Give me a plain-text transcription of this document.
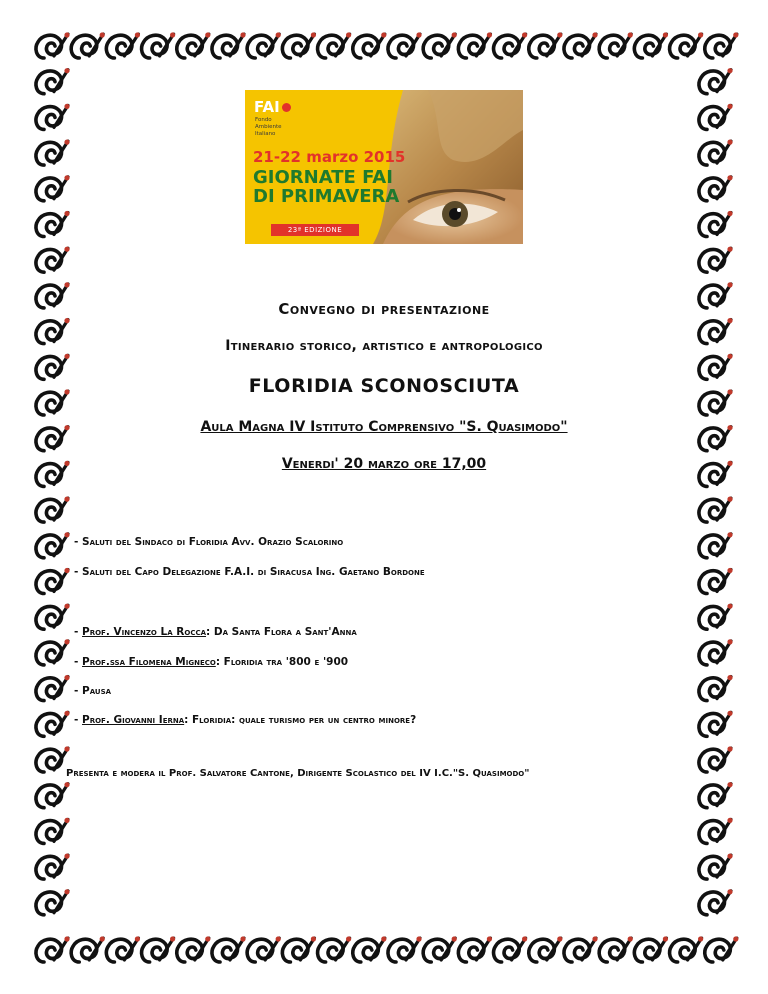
FAI
Fondo
Ambiente
Italiano
21-22 marzo 2015
GIORNATE FAI
DI PRIMAVERA
23ª EDIZIONE
Convegno di presentazione
Itinerario storico, artistico e antropologico
FLORIDIA SCONOSCIUTA
Aula Magna IV Istituto Comprensivo "S. Quasimodo"
Venerdi' 20 marzo ore 17,00
- Saluti del Sindaco di Floridia Avv. Orazio Scalorino
- Saluti del Capo Delegazione F.A.I. di Siracusa Ing. Gaetano Bordone
- Prof. Vincenzo La Rocca: Da Santa Flora a Sant'Anna
- Prof.ssa Filomena Migneco: Floridia tra '800 e '900
- Pausa
- Prof. Giovanni Ierna: Floridia: quale turismo per un centro minore?
Presenta e modera il Prof. Salvatore Cantone, Dirigente Scolastico del IV I.C."S. Quasimodo"
